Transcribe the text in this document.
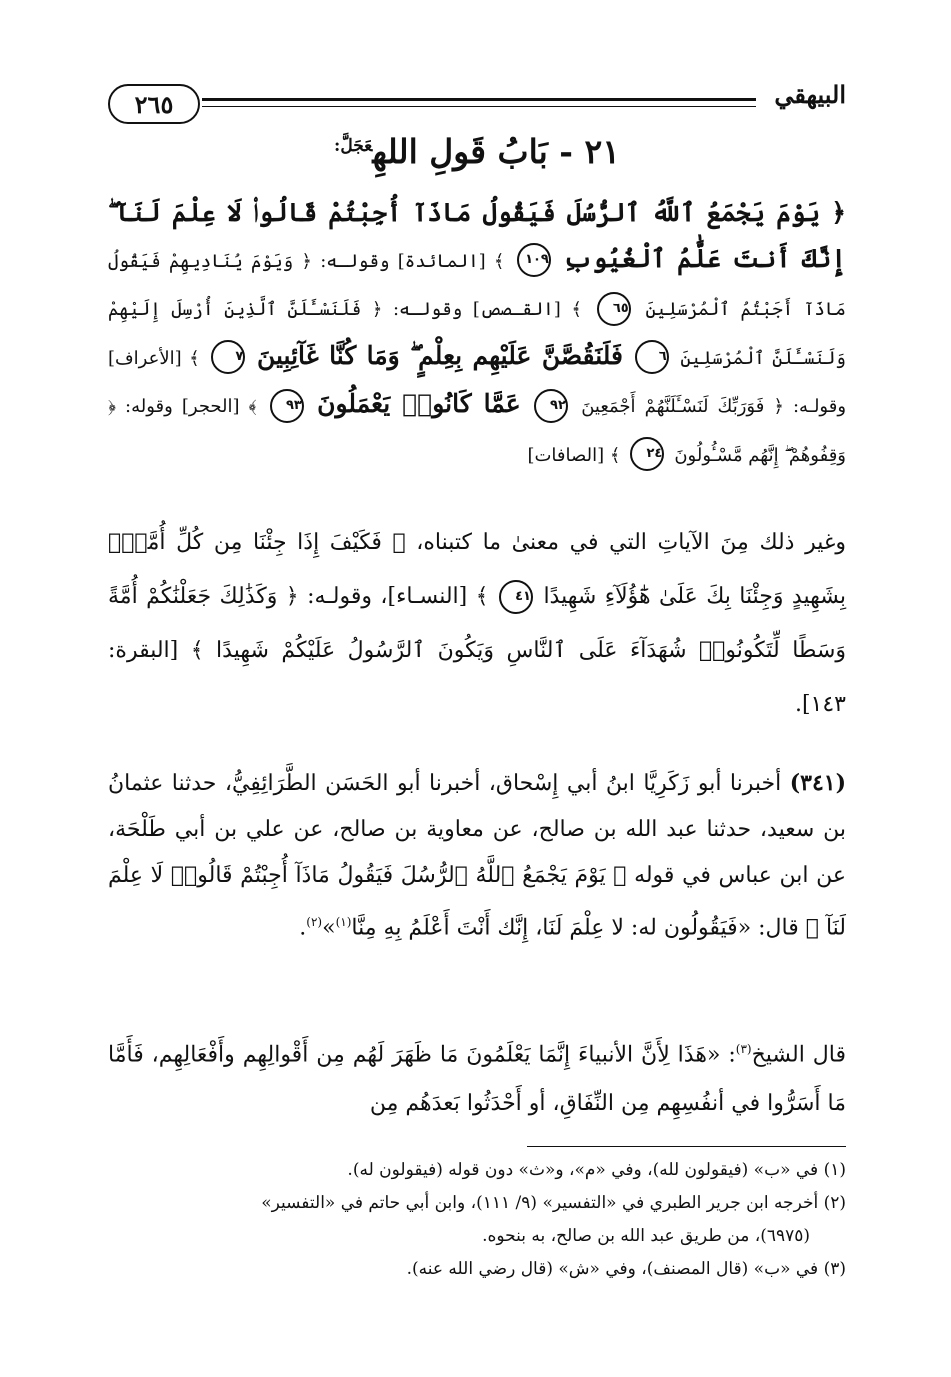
٢٦٥	البيهقي
٢١ - بَابُ قَولِ اللهِ$^{عَجَلَّ:}$
﴿ يَوْمَ يَجْمَعُ ٱللَّهُ ٱلرُّسُلَ فَيَقُولُ مَاذَآ أُجِبْتُمْ قَالُوا۟ لَا عِلْمَ لَنَآ ۖ إِنَّكَ أَنتَ عَلَّٰمُ ٱلْغُيُوبِ ١٠٩ ﴾ [المائدة] وقولـه: ﴿ وَيَوْمَ يُنَادِيهِمْ فَيَقُولُ مَاذَآ أَجَبْتُمُ ٱلْمُرْسَلِينَ ٦٥ ﴾ [القـصص] وقولـه: ﴿ فَلَنَسْـَٔلَنَّ ٱلَّذِينَ أُرْسِلَ إِلَيْهِمْ وَلَنَسْـَٔلَنَّ ٱلْمُرْسَلِينَ ٦ فَلَنَقُصَّنَّ عَلَيْهِم بِعِلْمٍ ۖ وَمَا كُنَّا غَآئِبِينَ ٧ ﴾ [الأعراف] وقولـه: ﴿ فَوَرَبِّكَ لَنَسْـَٔلَنَّهُمْ أَجْمَعِينَ ٩٢ عَمَّا كَانُوا۟ يَعْمَلُونَ ٩٣ ﴾ [الحجر] وقوله: ﴿ وَقِفُوهُمْ ۖ إِنَّهُم مَّسْـُٔولُونَ ٢٤ ﴾ [الصافات]
وغير ذلك مِنَ الآياتِ التي في معنىٰ ما كتبناه، ﴿ فَكَيْفَ إِذَا جِئْنَا مِن كُلِّ أُمَّةٍۭ بِشَهِيدٍ وَجِئْنَا بِكَ عَلَىٰ هَٰٓؤُلَآءِ شَهِيدًا ٤١ ﴾ [النسـاء]، وقولـه: ﴿ وَكَذَٰلِكَ جَعَلْنَٰكُمْ أُمَّةً وَسَطًا لِّتَكُونُوا۟ شُهَدَآءَ عَلَى ٱلنَّاسِ وَيَكُونَ ٱلرَّسُولُ عَلَيْكُمْ شَهِيدًا ﴾ [البقرة: ١٤٣].
(٣٤١) أخبرنا أبو زَكَرِيَّا ابنُ أبي إِسْحاق، أخبرنا أبو الحَسَن الطَّرَائِفِيُّ، حدثنا عثمانُ بن سعيد، حدثنا عبد الله بن صالح، عن معاوية بن صالح، عن علي بن أبي طَلْحَة، عن ابن عباس في قوله ﴿ يَوْمَ يَجْمَعُ ٱللَّهُ ٱلرُّسُلَ فَيَقُولُ مَاذَآ أُجِبْتُمْ قَالُوا۟ لَا عِلْمَ لَنَآ ﴾ قال: «فَيَقُولُون له: لا عِلْمَ لَنَا، إِنَّك أَنْتَ أَعْلَمُ بِهِ مِنَّا$^{(١)}$»$^{(٢)}$.
قال الشيخ$^{(٣)}$: «هَذَا لِأَنَّ الأنبياءَ إِنَّمَا يَعْلَمُونَ مَا ظَهَرَ لَهُم مِن أَقْوالِهِم وأَفْعَالِهِم، فَأَمَّا مَا أَسَرُّوا في أنفُسِهِم مِن النِّفَاقِ، أو أَحْدَثُوا بَعدَهُم مِن

(١) في «ب» (فيقولون لله)، وفي «م»، و«ث» دون قوله (فيقولون له).

(٢) أخرجه ابن جرير الطبري في «التفسير» (٩/ ١١١)، وابن أبي حاتم في «التفسير»

(٦٩٧٥)، من طريق عبد الله بن صالح، به بنحوه.

(٣) في «ب» (قال المصنف)، وفي «ش» (قال رضي الله عنه).
